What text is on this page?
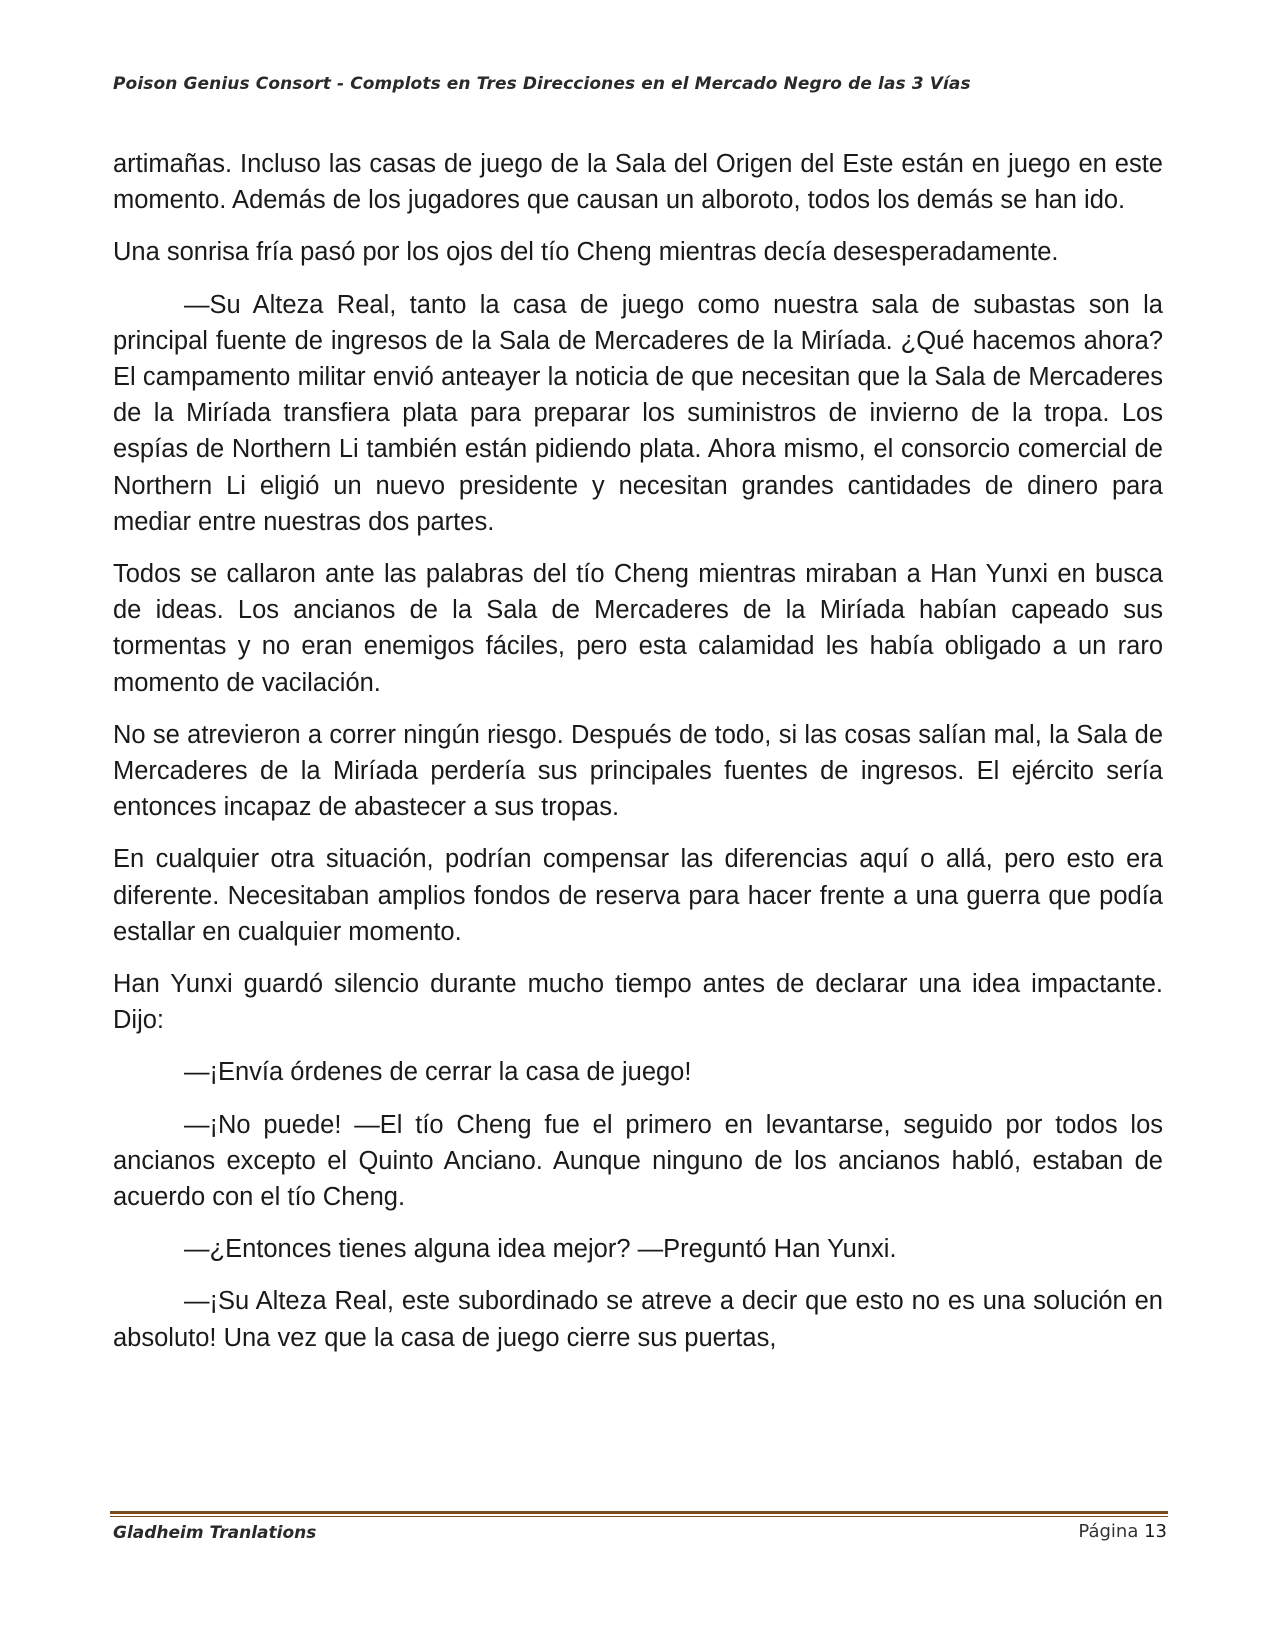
Poison Genius Consort - Complots en Tres Direcciones en el Mercado Negro de las 3 Vías

artimañas. Incluso las casas de juego de la Sala del Origen del Este están en juego en este momento. Además de los jugadores que causan un alboroto, todos los demás se han ido.

Una sonrisa fría pasó por los ojos del tío Cheng mientras decía desesperadamente.

—Su Alteza Real, tanto la casa de juego como nuestra sala de subastas son la principal fuente de ingresos de la Sala de Mercaderes de la Miríada. ¿Qué hacemos ahora? El campamento militar envió anteayer la noticia de que necesitan que la Sala de Mercaderes de la Miríada transfiera plata para preparar los suministros de invierno de la tropa. Los espías de Northern Li también están pidiendo plata. Ahora mismo, el consorcio comercial de Northern Li eligió un nuevo presidente y necesitan grandes cantidades de dinero para mediar entre nuestras dos partes.

Todos se callaron ante las palabras del tío Cheng mientras miraban a Han Yunxi en busca de ideas. Los ancianos de la Sala de Mercaderes de la Miríada habían capeado sus tormentas y no eran enemigos fáciles, pero esta calamidad les había obligado a un raro momento de vacilación.

No se atrevieron a correr ningún riesgo. Después de todo, si las cosas salían mal, la Sala de Mercaderes de la Miríada perdería sus principales fuentes de ingresos. El ejército sería entonces incapaz de abastecer a sus tropas.

En cualquier otra situación, podrían compensar las diferencias aquí o allá, pero esto era diferente. Necesitaban amplios fondos de reserva para hacer frente a una guerra que podía estallar en cualquier momento.

Han Yunxi guardó silencio durante mucho tiempo antes de declarar una idea impactante. Dijo:

—¡Envía órdenes de cerrar la casa de juego!

—¡No puede! —El tío Cheng fue el primero en levantarse, seguido por todos los ancianos excepto el Quinto Anciano. Aunque ninguno de los ancianos habló, estaban de acuerdo con el tío Cheng.

—¿Entonces tienes alguna idea mejor? —Preguntó Han Yunxi.

—¡Su Alteza Real, este subordinado se atreve a decir que esto no es una solución en absoluto! Una vez que la casa de juego cierre sus puertas,

Gladheim Tranlations	Página 13
